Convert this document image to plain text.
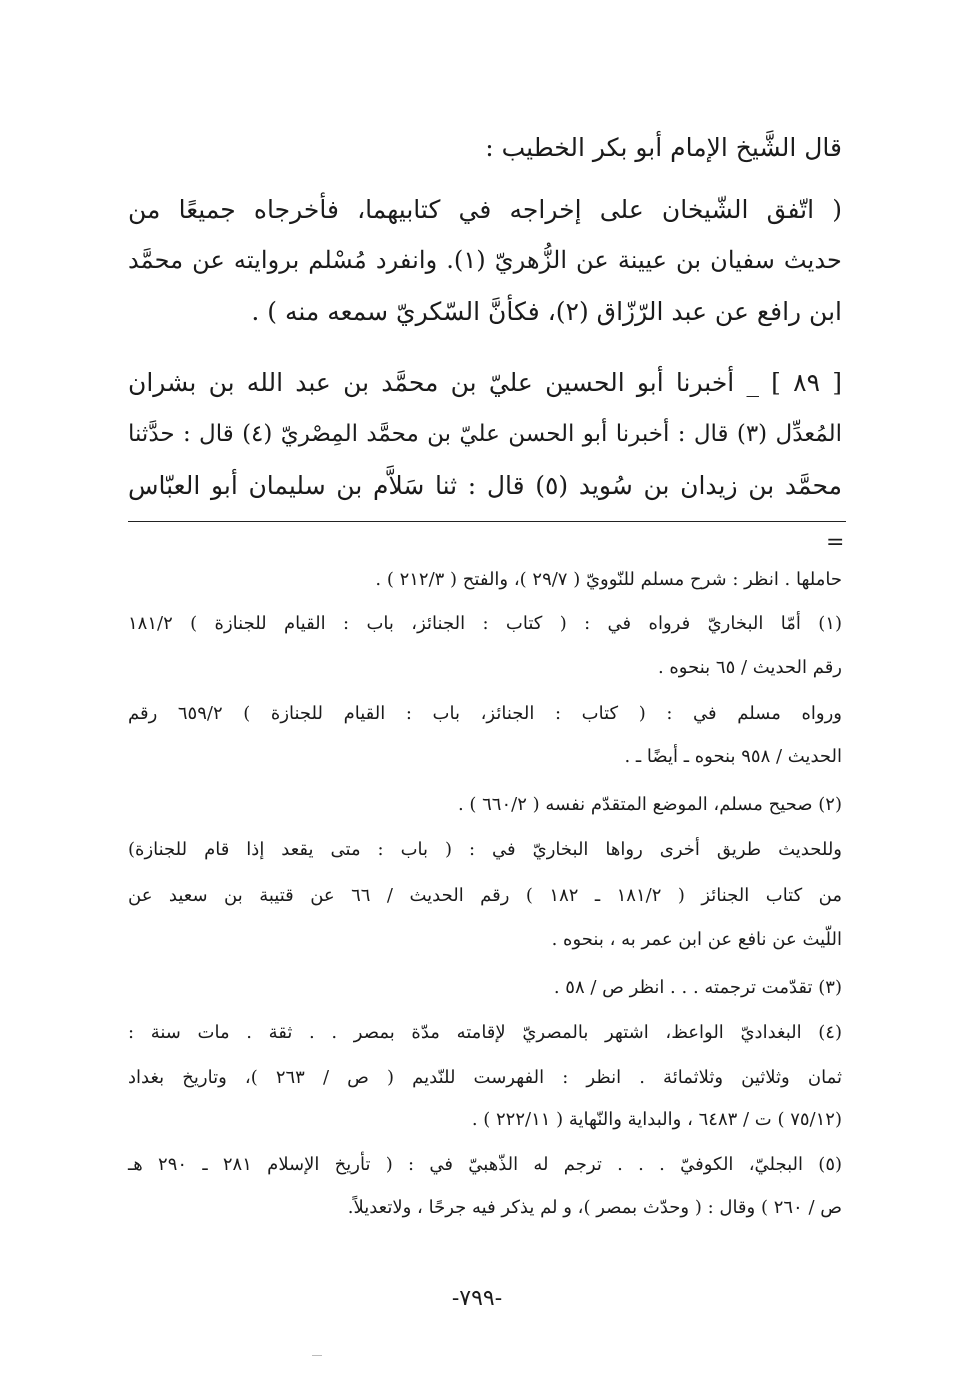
قال الشَّيخ الإمام أبو بكر الخطيب :
( اتّفق الشّيخان على إخراجه في كتابيهما، فأخرجاه جميعًا من
حديث سفيان بن عيينة عن الزُّهريّ (١). وانفرد مُسْلم بروايته عن محمَّد
ابن رافع عن عبد الرّزّاق (٢)، فكأنَّ السّكريّ سمعه منه ) .
[ ٨٩ ] _ أخبرنا أبو الحسين عليّ بن محمَّد بن عبد الله بن بشران
المُعدِّل (٣) قال : أخبرنا أبو الحسن عليّ بن محمَّد المِصْريّ (٤) قال : حدَّثنا
محمَّد بن زيدان بن سُويد (٥) قال : ثنا سَلاَّم بن سليمان أبو العبّاس
=
حاملها . انظر : شرح مسلم للنّوويّ ( ٢٩/٧ )، والفتح ( ٢١٢/٣ ) .
(١) أمّا البخاريّ فرواه في : ( كتاب : الجنائز، باب : القيام للجنازة ) ١٨١/٢
رقم الحديث / ٦٥ بنحوه .
ورواه مسلم في : ( كتاب : الجنائز، باب : القيام للجنازة ) ٦٥٩/٢ رقم
الحديث / ٩٥٨ بنحوه ـ أيضًا ـ .
(٢) صحيح مسلم، الموضع المتقدّم نفسه ( ٦٦٠/٢ ) .
وللحديث طريق أخرى رواها البخاريّ في : ( باب : متى يقعد إذا قام للجنازة)
من كتاب الجنائز ( ١٨١/٢ ـ ١٨٢ ) رقم الحديث / ٦٦ عن قتيبة بن سعيد عن
اللّيث عن نافع عن ابن عمر به ، بنحوه .
(٣) تقدّمت ترجمته . . . انظر ص / ٥٨ .
(٤) البغداديّ الواعظ، اشتهر بالمصريّ لإقامته مدّة بمصر . . ثقة . مات سنة :
ثمان وثلاثين وثلاثمائة . انظر : الفهرست للنّديم ( ص / ٢٦٣ )، وتاريخ بغداد
(٧٥/١٢ ) ت / ٦٤٨٣ ، والبداية والنّهاية ( ٢٢٢/١١ ) .
(٥) البجليّ، الكوفيّ . . . ترجم له الذّهبيّ في : ( تأريخ الإسلام ٢٨١ ـ ٢٩٠ هـ
ص / ٢٦٠ ) وقال : ( وحدّث بمصر )، و لم يذكر فيه جرحًا ، ولاتعديلاً.
-٧٩٩-
